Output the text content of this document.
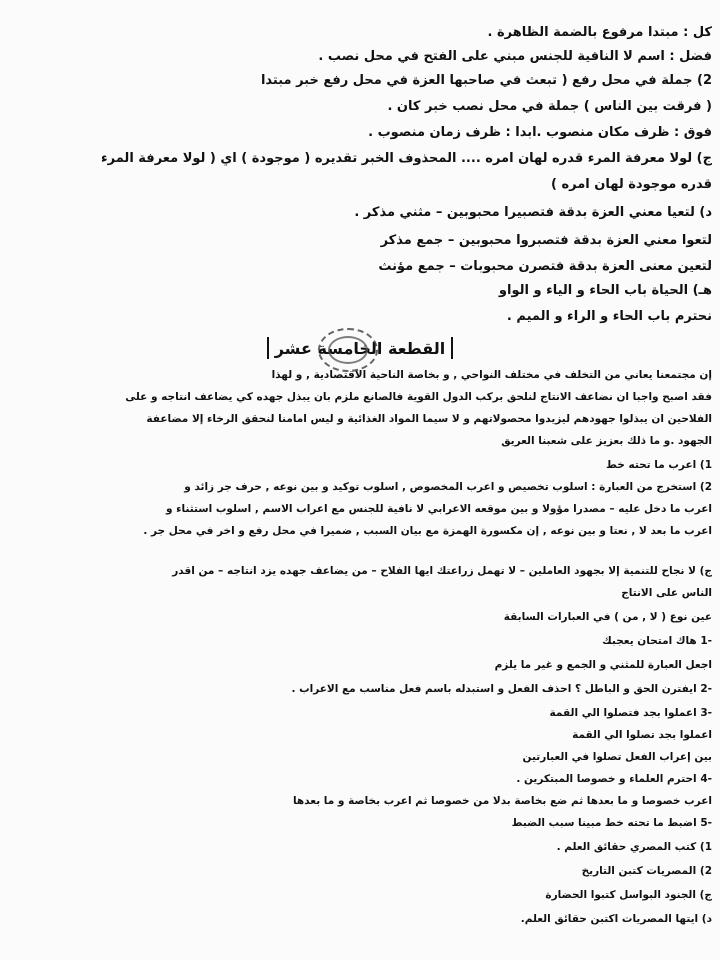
كل : مبتدا مرفوع بالضمة الظاهرة .
فضل : اسم لا النافية للجنس مبني على الفتح في محل نصب .
2) جملة في محل رفع ( تبعث في صاحبها العزة في محل رفع خبر مبتدا
( فرقت بين الناس ) جملة في محل نصب خبر كان .
فوق : ظرف مكان منصوب .أبدا : ظرف زمان منصوب .
ج) لولا معرفة المرء قدره لهان امره .... المحذوف الخبر تقديره ( موجودة ) أي ( لولا معرفة المرء
قدره موجودة لهان امره )
د) لتعيا معني العزة بدقة فتصبيرا محبوبين – مثني مذكر .
لتعوا معني العزة بدقة فتصبروا محبوبين – جمع مذكر
لتعين معنى العزة بدقة فتصرن محبوبات – جمع مؤنث
هـ) الحياة باب الحاء و الياء و الواو
نحترم باب الحاء و الراء و الميم .
القطعة الخامسة عشر
إن مجتمعنا يعاني من التخلف في مختلف النواحي , و بخاصة الناحية الاقتصادية , و لهذا
فقد أصبح واجبا ان نضاعف الانتاج لنلحق بركب الدول القوية فالصانع ملزم بان يبذل جهده كي يضاعف انتاجه و على
الفلاحين ان يبذلوا جهودهم ليزيدوا محصولاتهم و لا سيما المواد الغذائية و ليس امامنا لنحقق الرخاء إلا مضاعفة
الجهود .و ما ذلك بعزيز على شعبنا العريق
1) اعرب ما تحته خط
2) استخرج من العبارة : اسلوب تخصيص و اعرب المخصوص , اسلوب توكيد و بين نوعه , حرف جر زائد و
اعرب ما دخل عليه – مصدرا مؤولا و بين موقعه الاعرابي لا نافية للجنس مع اعراب الاسم , اسلوب استثناء و
اعرب ما بعد لا , نعتا و بين نوعه , إن مكسورة الهمزة مع بيان السبب , ضميرا في محل رفع و اخر في محل جر .
ج) لا نجاح للتنمية إلا بجهود العاملين – لا تهمل زراعتك ايها الفلاح – من يضاعف جهده يزد انتاجه – من اقدر
الناس على الانتاج
عين نوع ( لا , من ) في العبارات السابقة
-1 هاك امتحان يعجبك
اجعل العبارة للمثني و الجمع و غير ما يلزم
-2 أيفترن الحق و الباطل ؟ احذف الفعل و استبدله باسم فعل مناسب مع الاعراب .
-3 اعملوا بجد فتصلوا الي القمة
اعملوا بجد تصلوا الي القمة
بين إعراب الفعل تصلوا في العبارتين
-4 احترم العلماء و خصوصا المبتكرين .
اعرب خصوصا و ما بعدها ثم ضع بخاصة بدلا من خصوصا ثم اعرب بخاصة و ما بعدها
-5 اضبط ما تحته خط مبينا سبب الضبط
1) كتب المصري حقائق العلم .
2) المصريات كتبن التاريخ
ج) الجنود البواسل كتبوا الحضارة
د) أيتها المصريات اكتبن حقائق العلم.
